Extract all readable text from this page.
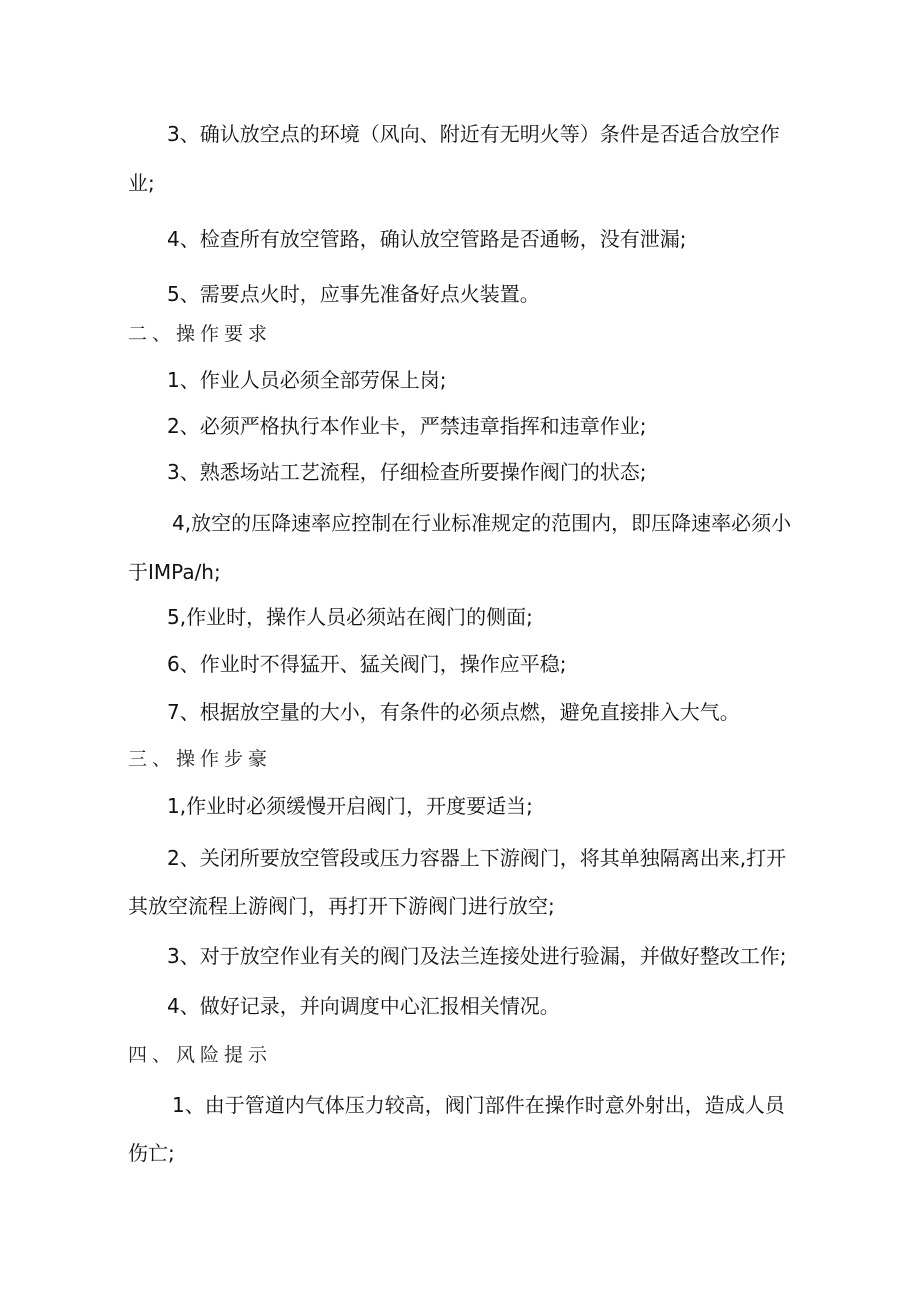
3、确认放空点的环境（风向、附近有无明火等）条件是否适合放空作
业;
4、检查所有放空管路，确认放空管路是否通畅，没有泄漏;
5、需要点火时，应事先准备好点火装置。
二、操作要求
1、作业人员必须全部劳保上岗;
2、必须严格执行本作业卡，严禁违章指挥和违章作业;
3、熟悉场站工艺流程，仔细检查所要操作阀门的状态;
4,放空的压降速率应控制在行业标准规定的范围内，即压降速率必须小
于IMPa/h;
5,作业时，操作人员必须站在阀门的侧面;
6、作业时不得猛开、猛关阀门，操作应平稳;
7、根据放空量的大小，有条件的必须点燃，避免直接排入大气。
三、操作步豪
1,作业时必须缓慢开启阀门，开度要适当;
2、关闭所要放空管段或压力容器上下游阀门，将其单独隔离出来,打开
其放空流程上游阀门，再打开下游阀门进行放空;
3、对于放空作业有关的阀门及法兰连接处进行验漏，并做好整改工作;
4、做好记录，并向调度中心汇报相关情况。
四、风险提示
1、由于管道内气体压力较高，阀门部件在操作时意外射出，造成人员
伤亡;
